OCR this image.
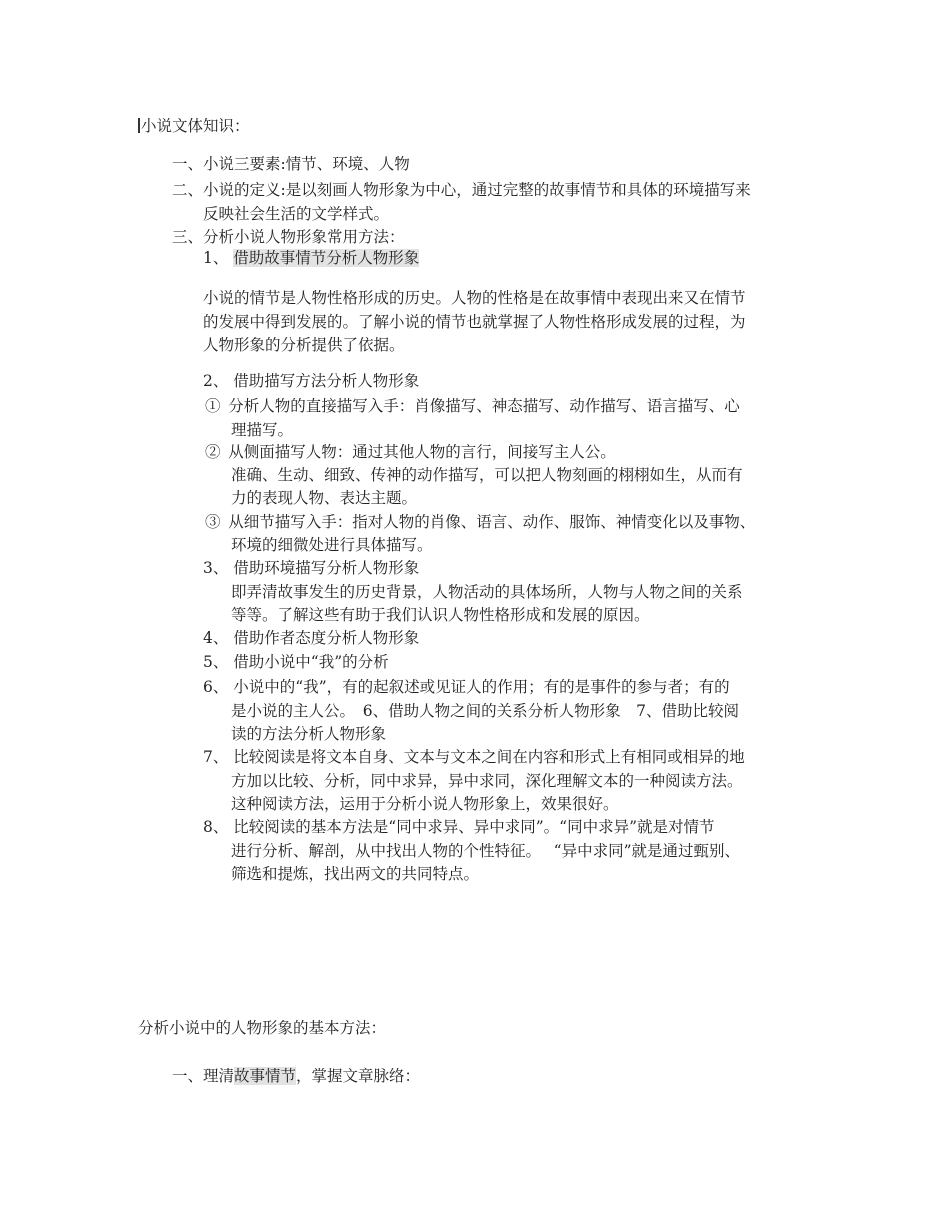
小说文体知识：
一、小说三要素:情节、环境、人物
二、小说的定义:是以刻画人物形象为中心，通过完整的故事情节和具体的环境描写来
反映社会生活的文学样式。
三、分析小说人物形象常用方法：
1、 借助故事情节分析人物形象
小说的情节是人物性格形成的历史。人物的性格是在故事情中表现出来又在情节
的发展中得到发展的。了解小说的情节也就掌握了人物性格形成发展的过程，为
人物形象的分析提供了依据。
2、 借助描写方法分析人物形象
①  分析人物的直接描写入手：肖像描写、神态描写、动作描写、语言描写、心
理描写。
②  从侧面描写人物：通过其他人物的言行，间接写主人公。
准确、生动、细致、传神的动作描写，可以把人物刻画的栩栩如生，从而有
力的表现人物、表达主题。
③  从细节描写入手：指对人物的肖像、语言、动作、服饰、神情变化以及事物、
环境的细微处进行具体描写。
3、 借助环境描写分析人物形象
即弄清故事发生的历史背景，人物活动的具体场所，人物与人物之间的关系
等等。了解这些有助于我们认识人物性格形成和发展的原因。
4、 借助作者态度分析人物形象
5、 借助小说中“我”的分析
6、 小说中的“我”，有的起叙述或见证人的作用；有的是事件的参与者；有的
是小说的主人公。　6、借助人物之间的关系分析人物形象　7、借助比较阅
读的方法分析人物形象
7、 比较阅读是将文本自身、文本与文本之间在内容和形式上有相同或相异的地
方加以比较、分析，同中求异，异中求同，深化理解文本的一种阅读方法。
这种阅读方法，运用于分析小说人物形象上，效果很好。
8、 比较阅读的基本方法是“同中求异、异中求同”。“同中求异”就是对情节
进行分析、解剖，从中找出人物的个性特征。　 “异中求同”就是通过甄别、
筛选和提炼，找出两文的共同特点。
分析小说中的人物形象的基本方法：
一、理清故事情节，掌握文章脉络：
